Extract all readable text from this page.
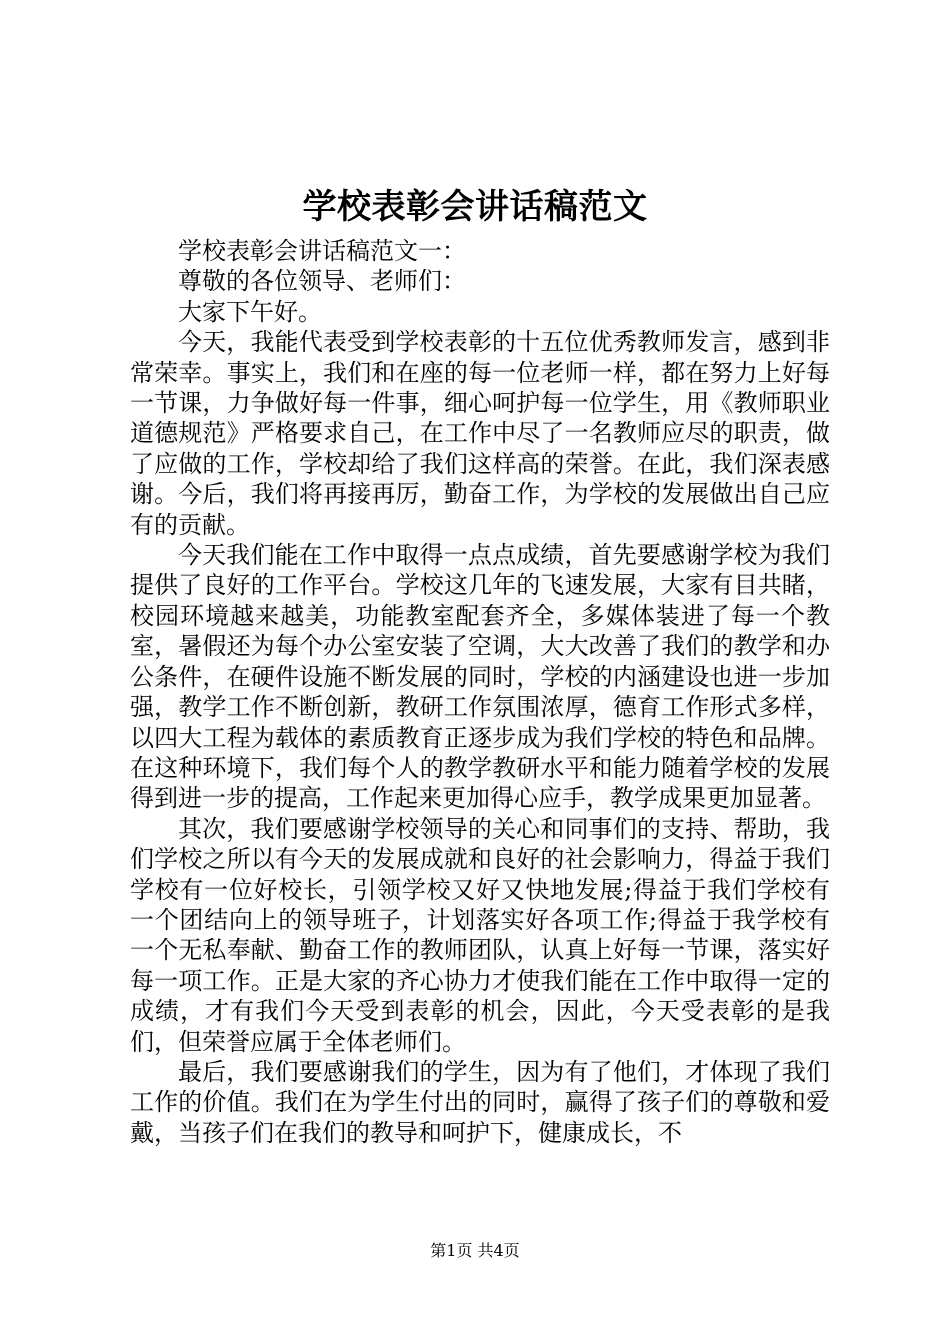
学校表彰会讲话稿范文

学校表彰会讲话稿范文一：

尊敬的各位领导、老师们：

大家下午好。

今天，我能代表受到学校表彰的十五位优秀教师发言，感到非常荣幸。事实上，我们和在座的每一位老师一样，都在努力上好每一节课，力争做好每一件事，细心呵护每一位学生，用《教师职业道德规范》严格要求自己，在工作中尽了一名教师应尽的职责，做了应做的工作，学校却给了我们这样高的荣誉。在此，我们深表感谢。今后，我们将再接再厉，勤奋工作，为学校的发展做出自己应有的贡献。

今天我们能在工作中取得一点点成绩，首先要感谢学校为我们提供了良好的工作平台。学校这几年的飞速发展，大家有目共睹，校园环境越来越美，功能教室配套齐全，多媒体装进了每一个教室，暑假还为每个办公室安装了空调，大大改善了我们的教学和办公条件，在硬件设施不断发展的同时，学校的内涵建设也进一步加强，教学工作不断创新，教研工作氛围浓厚，德育工作形式多样，以四大工程为载体的素质教育正逐步成为我们学校的特色和品牌。在这种环境下，我们每个人的教学教研水平和能力随着学校的发展得到进一步的提高，工作起来更加得心应手，教学成果更加显著。

其次，我们要感谢学校领导的关心和同事们的支持、帮助，我们学校之所以有今天的发展成就和良好的社会影响力，得益于我们学校有一位好校长，引领学校又好又快地发展;得益于我们学校有一个团结向上的领导班子，计划落实好各项工作;得益于我学校有一个无私奉献、勤奋工作的教师团队，认真上好每一节课，落实好每一项工作。正是大家的齐心协力才使我们能在工作中取得一定的成绩，才有我们今天受到表彰的机会，因此，今天受表彰的是我们，但荣誉应属于全体老师们。

最后，我们要感谢我们的学生，因为有了他们，才体现了我们工作的价值。我们在为学生付出的同时，赢得了孩子们的尊敬和爱戴，当孩子们在我们的教导和呵护下，健康成长，不

第1页 共4页
